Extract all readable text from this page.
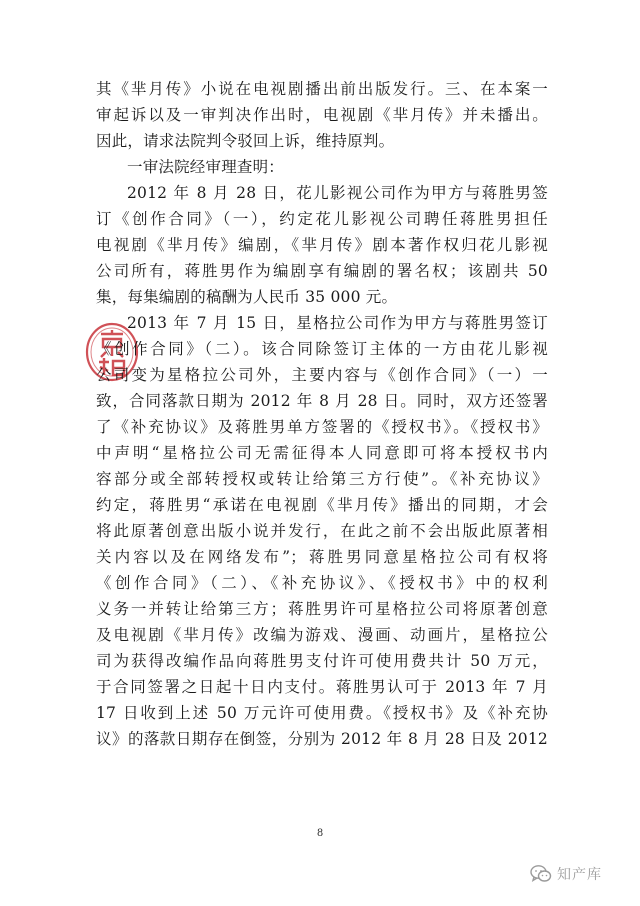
其《芈月传》小说在电视剧播出前出版发行。三、在本案一
审起诉以及一审判决作出时，电视剧《芈月传》并未播出。
因此，请求法院判令驳回上诉，维持原判。
一审法院经审理查明：
2012 年 8 月 28 日，花儿影视公司作为甲方与蒋胜男签
订《创作合同》（一），约定花儿影视公司聘任蒋胜男担任
电视剧《芈月传》编剧，《芈月传》剧本著作权归花儿影视
公司所有，蒋胜男作为编剧享有编剧的署名权；该剧共 50
集，每集编剧的稿酬为人民币 35 000 元。
2013 年 7 月 15 日，星格拉公司作为甲方与蒋胜男签订
《创作合同》（二）。该合同除签订主体的一方由花儿影视
公司变为星格拉公司外，主要内容与《创作合同》（一）一
致，合同落款日期为 2012 年 8 月 28 日。同时，双方还签署
了《补充协议》及蒋胜男单方签署的《授权书》。《授权书》
中声明“星格拉公司无需征得本人同意即可将本授权书内
容部分或全部转授权或转让给第三方行使”。《补充协议》
约定，蒋胜男“承诺在电视剧《芈月传》播出的同期，才会
将此原著创意出版小说并发行，在此之前不会出版此原著相
关内容以及在网络发布”；蒋胜男同意星格拉公司有权将
《创作合同》（二）、《补充协议》、《授权书》中的权利
义务一并转让给第三方；蒋胜男许可星格拉公司将原著创意
及电视剧《芈月传》改编为游戏、漫画、动画片，星格拉公
司为获得改编作品向蒋胜男支付许可使用费共计 50 万元，
于合同签署之日起十日内支付。蒋胜男认可于 2013 年 7 月
17 日收到上述 50 万元许可使用费。《授权书》及《补充协
议》的落款日期存在倒签，分别为 2012 年 8 月 28 日及 2012
8
知产库
